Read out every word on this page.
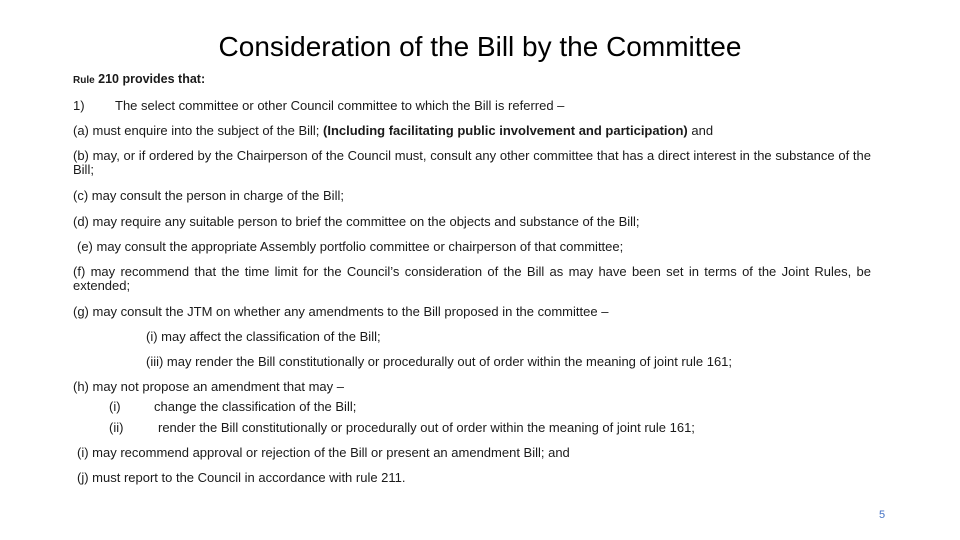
Consideration of the Bill by the Committee
Rule 210 provides that:
1) The select committee or other Council committee to which the Bill is referred –
(a) must enquire into the subject of the Bill; (Including facilitating public involvement and participation) and
(b) may, or if ordered by the Chairperson of the Council must, consult any other committee that has a direct interest in the substance of the Bill;
(c) may consult the person in charge of the Bill;
(d) may require any suitable person to brief the committee on the objects and substance of the Bill;
(e) may consult the appropriate Assembly portfolio committee or chairperson of that committee;
(f) may recommend that the time limit for the Council’s consideration of the Bill as may have been set in terms of the Joint Rules, be extended;
(g) may consult the JTM on whether any amendments to the Bill proposed in the committee –
(i) may affect the classification of the Bill;
(iii) may render the Bill constitutionally or procedurally out of order within the meaning of joint rule 161;
(h) may not propose an amendment that may –
(i)	change the classification of the Bill;
(ii)	render the Bill constitutionally or procedurally out of order within the meaning of joint rule 161;
(i) may recommend approval or rejection of the Bill or present an amendment Bill; and
(j) must report to the Council in accordance with rule 211.
5
